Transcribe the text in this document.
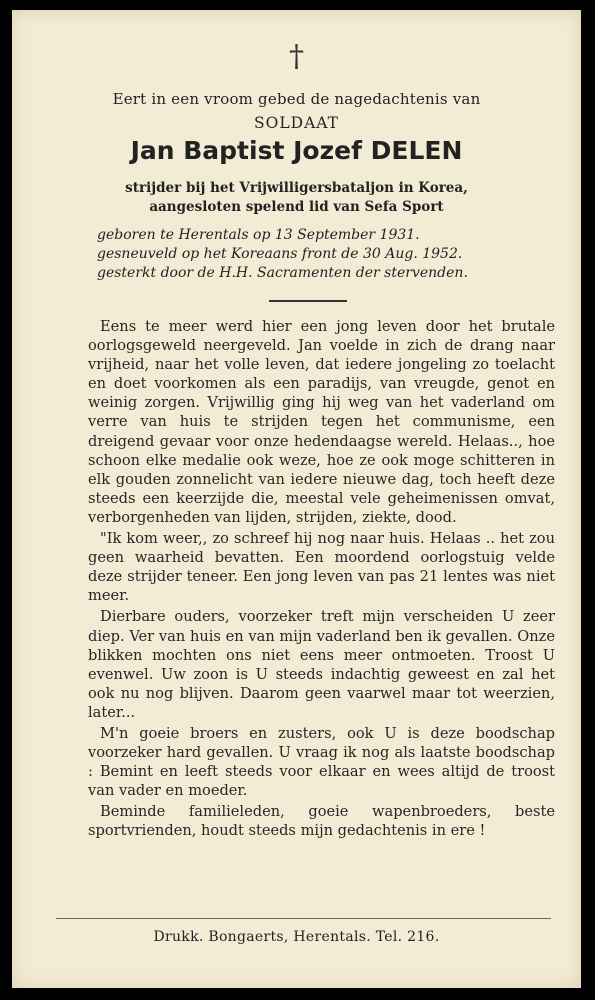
†
Eert in een vroom gebed de nagedachtenis van
SOLDAAT
Jan Baptist Jozef DELEN
strijder bij het Vrijwilligersbataljon in Korea,
aangesloten spelend lid van Sefa Sport
geboren te Herentals op 13 September 1931.
gesneuveld op het Koreaans front de 30 Aug. 1952.
gesterkt door de H.H. Sacramenten der stervenden.

Eens te meer werd hier een jong leven door het brutale oorlogsgeweld neergeveld. Jan voelde in zich de drang naar vrijheid, naar het volle leven, dat iedere jongeling zo toelacht en doet voorkomen als een paradijs, van vreugde, genot en weinig zorgen. Vrijwillig ging hij weg van het vaderland om verre van huis te strijden tegen het communisme, een dreigend gevaar voor onze hedendaagse wereld. Helaas.., hoe schoon elke medalie ook weze, hoe ze ook moge schitteren in elk gouden zonnelicht van iedere nieuwe dag, toch heeft deze steeds een keerzijde die, meestal vele geheimenissen omvat, verborgenheden van lijden, strijden, ziekte, dood.

"Ik kom weer,, zo schreef hij nog naar huis. Helaas .. het zou geen waarheid bevatten. Een moordend oorlogstuig velde deze strijder teneer. Een jong leven van pas 21 lentes was niet meer.

Dierbare ouders, voorzeker treft mijn verscheiden U zeer diep. Ver van huis en van mijn vaderland ben ik gevallen. Onze blikken mochten ons niet eens meer ontmoeten. Troost U evenwel. Uw zoon is U steeds indachtig geweest en zal het ook nu nog blijven. Daarom geen vaarwel maar tot weerzien, later...

M'n goeie broers en zusters, ook U is deze boodschap voorzeker hard gevallen. U vraag ik nog als laatste boodschap : Bemint en leeft steeds voor elkaar en wees altijd de troost van vader en moeder.

Beminde familieleden, goeie wapenbroeders, beste sportvrienden, houdt steeds mijn gedachtenis in ere !

Drukk. Bongaerts, Herentals. Tel. 216.
